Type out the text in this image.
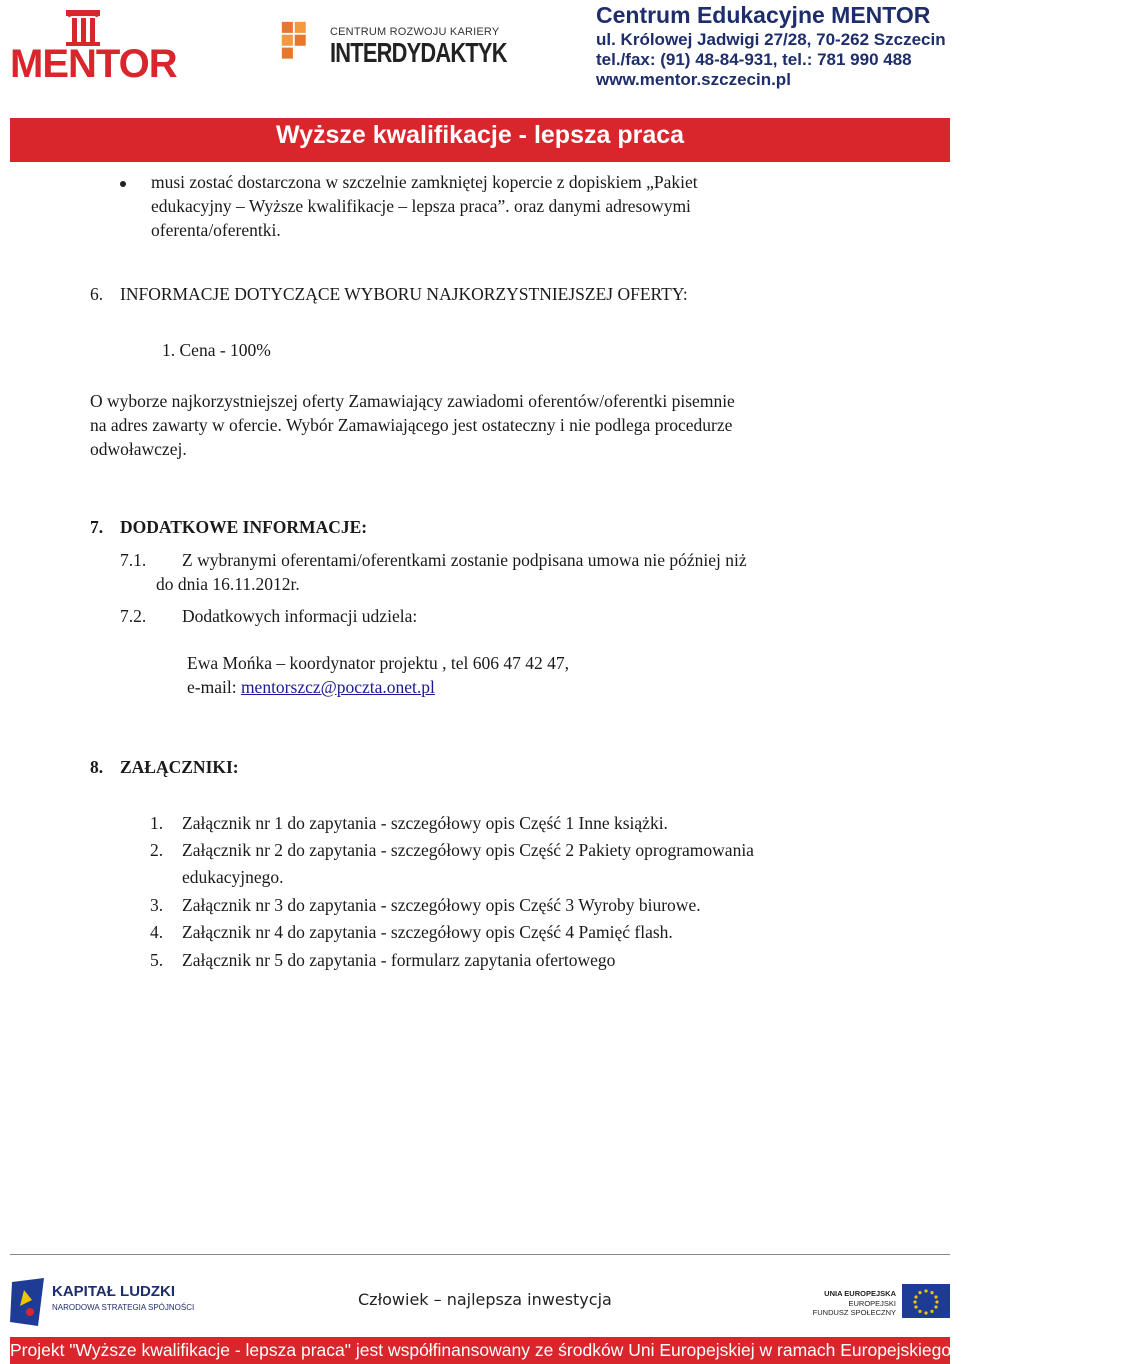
MENTOR
CENTRUM ROZWOJU KARIERY
INTERDYDAKTYK
Centrum Edukacyjne MENTOR
ul. Królowej Jadwigi 27/28, 70-262 Szczecin
tel./fax: (91) 48-84-931, tel.: 781 990 488
www.mentor.szczecin.pl
Wyższe kwalifikacje - lepsza praca
musi zostać dostarczona w szczelnie zamkniętej kopercie z dopiskiem „Pakiet
edukacyjny – Wyższe kwalifikacje – lepsza praca”. oraz danymi adresowymi
oferenta/oferentki.
6. INFORMACJE DOTYCZĄCE WYBORU NAJKORZYSTNIEJSZEJ OFERTY:
1. Cena - 100%
O wyborze najkorzystniejszej oferty Zamawiający zawiadomi oferentów/oferentki pisemnie
na adres zawarty w ofercie. Wybór Zamawiającego jest ostateczny i nie podlega procedurze
odwoławczej.
7. DODATKOWE INFORMACJE:
7.1. Z wybranymi oferentami/oferentkami zostanie podpisana umowa nie później niż
do dnia 16.11.2012r.
7.2. Dodatkowych informacji udziela:
Ewa Mońka – koordynator projektu , tel 606 47 42 47,
e-mail: mentorszcz@poczta.onet.pl
8. ZAŁĄCZNIKI:
1. Załącznik nr 1 do zapytania - szczegółowy opis Część 1 Inne książki.
2. Załącznik nr 2 do zapytania - szczegółowy opis Część 2 Pakiety oprogramowania
edukacyjnego.
3. Załącznik nr 3 do zapytania - szczegółowy opis Część 3 Wyroby biurowe.
4. Załącznik nr 4 do zapytania - szczegółowy opis Część 4 Pamięć flash.
5. Załącznik nr 5 do zapytania - formularz zapytania ofertowego
KAPITAŁ LUDZKI
NARODOWA STRATEGIA SPÓJNOŚCI	Człowiek – najlepsza inwestycja	UNIA EUROPEJSKA
EUROPEJSKI
FUNDUSZ SPOŁECZNY
Projekt "Wyższe kwalifikacje - lepsza praca" jest współfinansowany ze środków Uni Europejskiej w ramach Europejskiego Funduszu Społecznego
